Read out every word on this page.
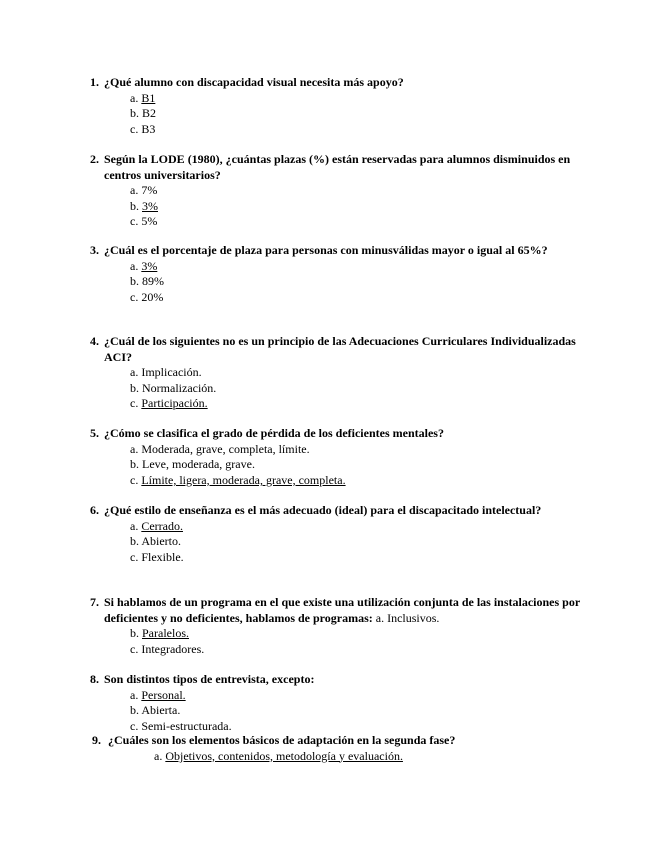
1. ¿Qué alumno con discapacidad visual necesita más apoyo?
a. B1
b. B2
c. B3
2. Según la LODE (1980), ¿cuántas plazas (%) están reservadas para alumnos disminuidos en centros universitarios?
a. 7%
b. 3%
c. 5%
3. ¿Cuál es el porcentaje de plaza para personas con minusválidas mayor o igual al 65%?
a. 3%
b. 89%
c. 20%
4. ¿Cuál de los siguientes no es un principio de las Adecuaciones Curriculares Individualizadas ACI?
a. Implicación.
b. Normalización.
c. Participación.
5. ¿Cómo se clasifica el grado de pérdida de los deficientes mentales?
a. Moderada, grave, completa, límite.
b. Leve, moderada, grave.
c. Límite, ligera, moderada, grave, completa.
6. ¿Qué estilo de enseñanza es el más adecuado (ideal) para el discapacitado intelectual?
a. Cerrado.
b. Abierto.
c. Flexible.
7. Si hablamos de un programa en el que existe una utilización conjunta de las instalaciones por deficientes y no deficientes, hablamos de programas: a. Inclusivos.
b. Paralelos.
c. Integradores.
8. Son distintos tipos de entrevista, excepto:
a. Personal.
b. Abierta.
c. Semi-estructurada.
9. ¿Cuáles son los elementos básicos de adaptación en la segunda fase?
a. Objetivos, contenidos, metodología y evaluación.
